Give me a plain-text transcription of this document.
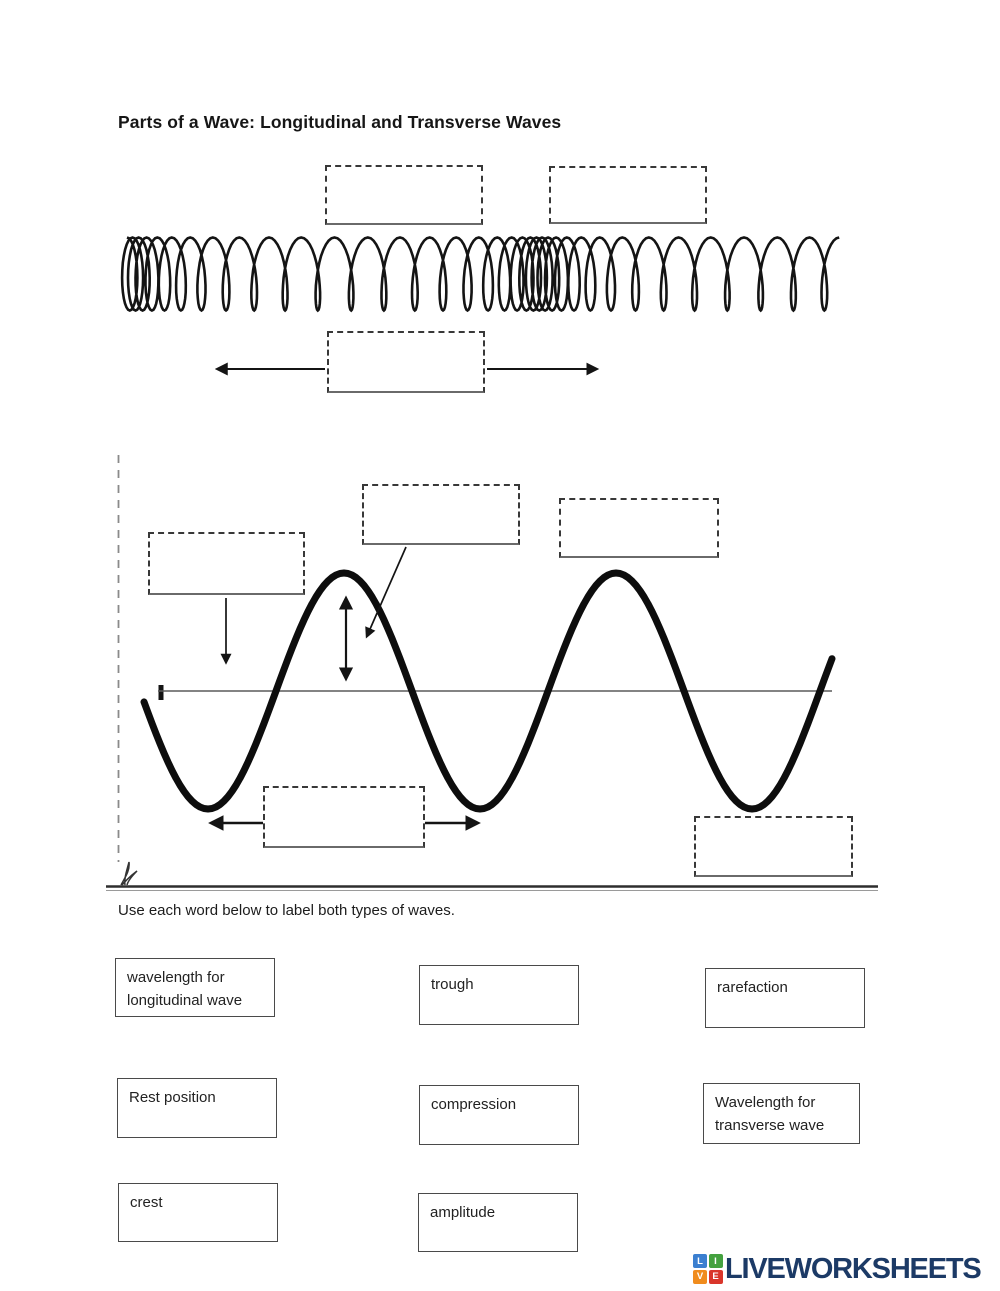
Parts of a Wave: Longitudinal and Transverse Waves
Use each word below to label both types of waves.
wavelength for longitudinal wave
trough	rarefaction
Rest position	compression	Wavelength for transverse wave
crest
amplitude
L	I
V E LIVEWORKSHEETS
